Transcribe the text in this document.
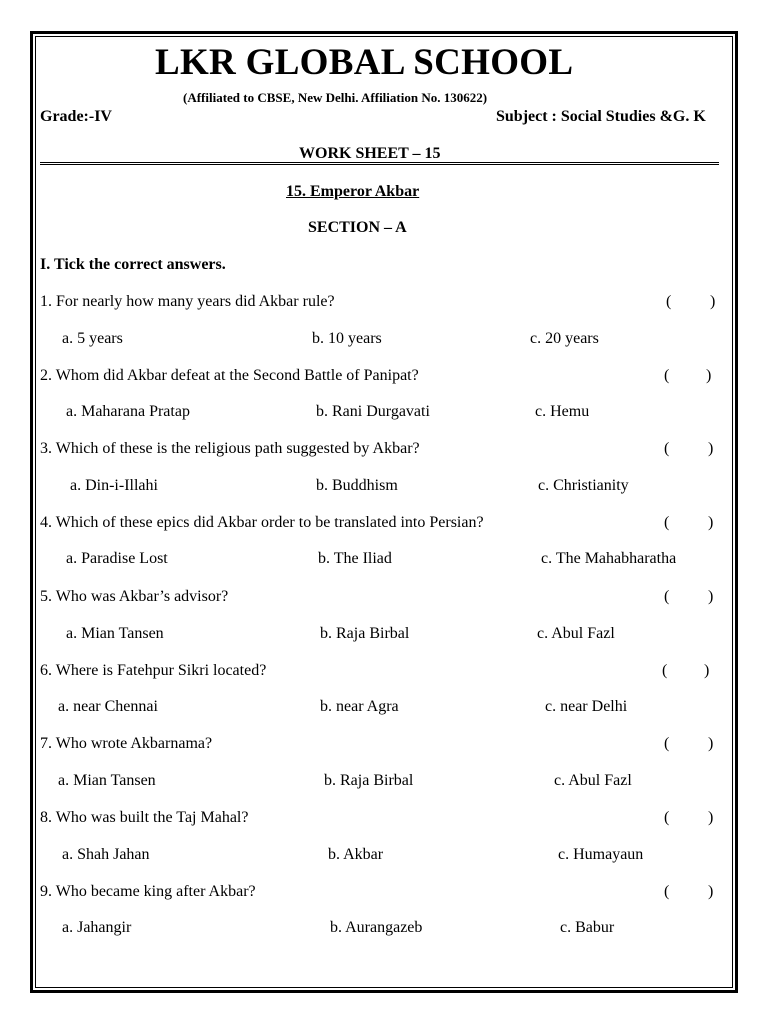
LKR GLOBAL SCHOOL
(Affiliated to CBSE, New Delhi. Affiliation No. 130622)
Grade:-IV	Subject : Social Studies &G. K
WORK SHEET – 15
15. Emperor Akbar
SECTION – A
I. Tick the correct answers.
1. For nearly how many years did Akbar rule?	( )
a. 5 years	b. 10 years	c. 20 years
2. Whom did Akbar defeat at the Second Battle of Panipat?	( )
a. Maharana Pratap	b. Rani Durgavati	c. Hemu
3. Which of these is the religious path suggested by Akbar?	( )
a. Din-i-Illahi	b. Buddhism	c. Christianity
4. Which of these epics did Akbar order to be translated into Persian?	( )
a. Paradise Lost	b. The Iliad	c. The Mahabharatha
5. Who was Akbar’s advisor?	( )
a. Mian Tansen	b. Raja Birbal	c. Abul Fazl
6. Where is Fatehpur Sikri located?	( )
a. near Chennai	b. near Agra	c. near Delhi
7. Who wrote Akbarnama?	( )
a. Mian Tansen	b. Raja Birbal	c. Abul Fazl
8. Who was built the Taj Mahal?	( )
a. Shah Jahan	b. Akbar	c. Humayaun
9. Who became king after Akbar?	( )
a. Jahangir	b. Aurangazeb	c. Babur
